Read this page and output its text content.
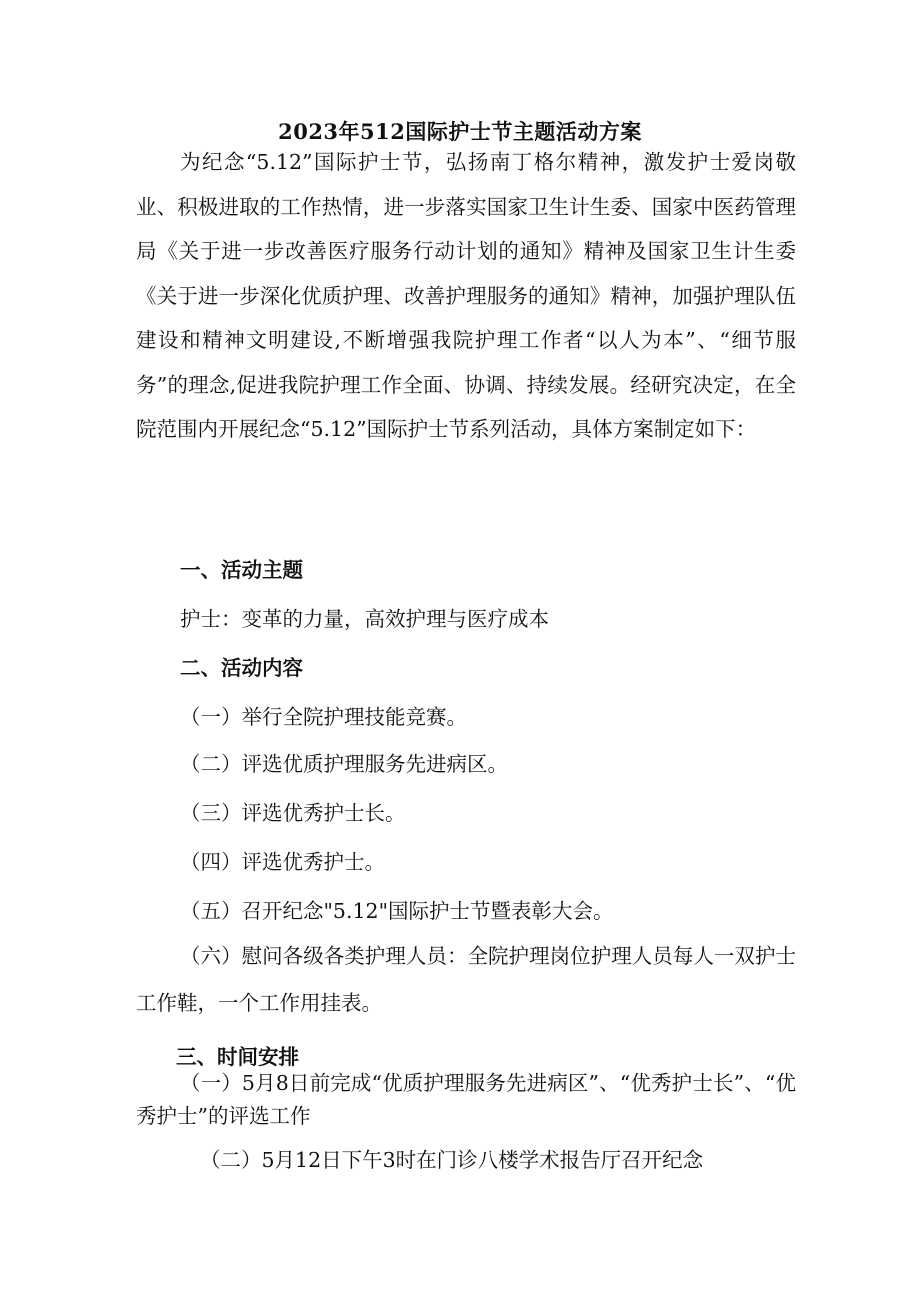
2023年512国际护士节主题活动方案
为纪念“5.12”国际护士节，弘扬南丁格尔精神，激发护士爱岗敬业、积极进取的工作热情，进一步落实国家卫生计生委、国家中医药管理局《关于进一步改善医疗服务行动计划的通知》精神及国家卫生计生委《关于进一步深化优质护理、改善护理服务的通知》精神，加强护理队伍建设和精神文明建设,不断增强我院护理工作者“以人为本”、“细节服务”的理念,促进我院护理工作全面、协调、持续发展。经研究决定，在全院范围内开展纪念“5.12”国际护士节系列活动，具体方案制定如下：
一、活动主题
护士：变革的力量，高效护理与医疗成本
二、活动内容
（一）举行全院护理技能竞赛。
（二）评选优质护理服务先进病区。
（三）评选优秀护士长。
（四）评选优秀护士。
（五）召开纪念"5.12"国际护士节暨表彰大会。
（六）慰问各级各类护理人员：全院护理岗位护理人员每人一双护士工作鞋，一个工作用挂表。
三、时间安排
（一）5月8日前完成“优质护理服务先进病区”、“优秀护士长”、“优秀护士”的评选工作
（二）5月12日下午3时在门诊八楼学术报告厅召开纪念
